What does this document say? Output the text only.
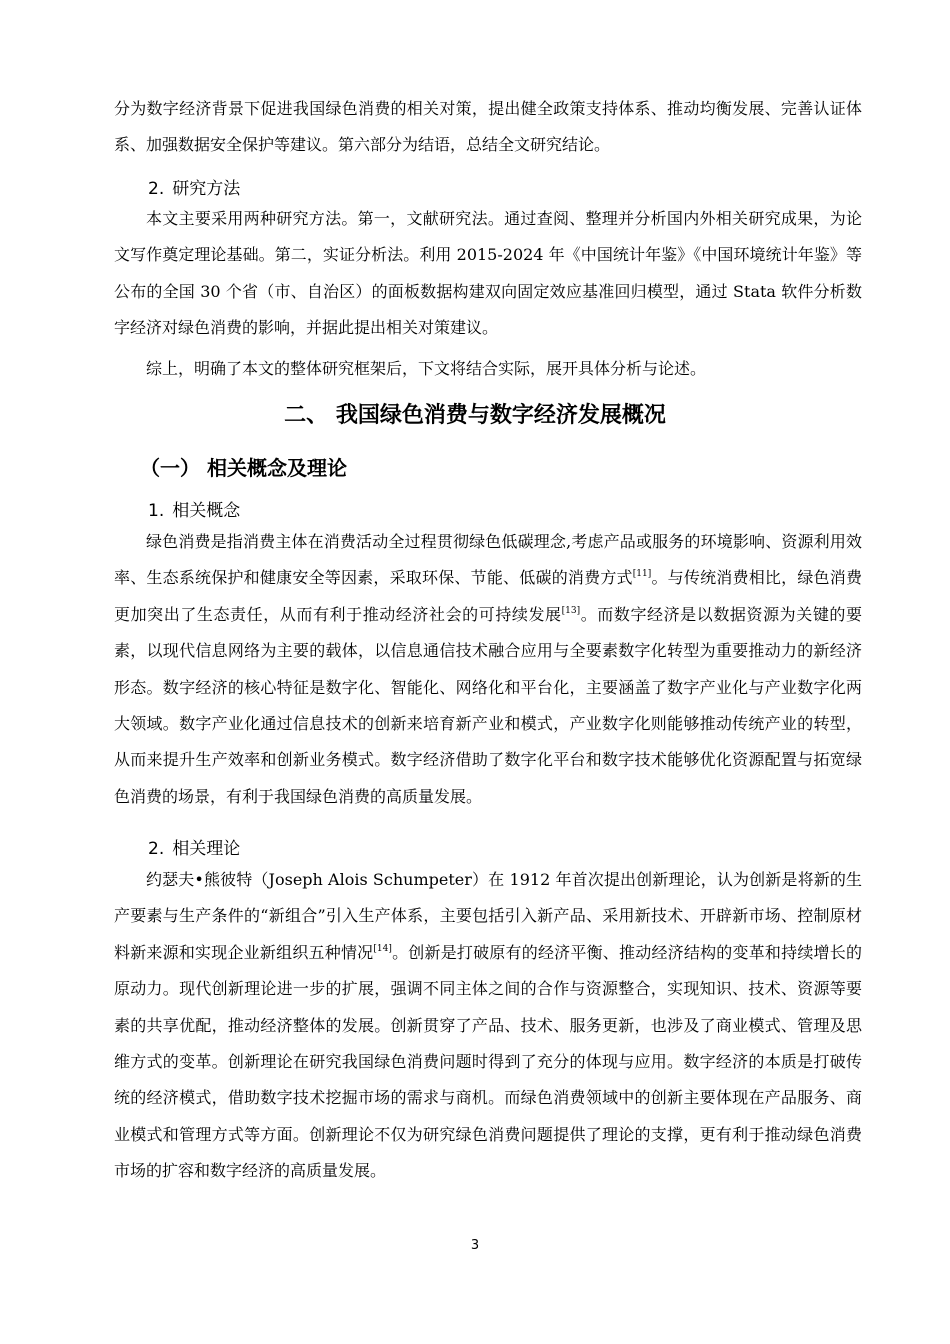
分为数字经济背景下促进我国绿色消费的相关对策，提出健全政策支持体系、推动均衡发展、完善认证体系、加强数据安全保护等建议。第六部分为结语，总结全文研究结论。

2. 研究方法

本文主要采用两种研究方法。第一，文献研究法。通过查阅、整理并分析国内外相关研究成果，为论文写作奠定理论基础。第二，实证分析法。利用 2015-2024 年《中国统计年鉴》《中国环境统计年鉴》等公布的全国 30 个省（市、自治区）的面板数据构建双向固定效应基准回归模型，通过 Stata 软件分析数字经济对绿色消费的影响，并据此提出相关对策建议。

综上，明确了本文的整体研究框架后，下文将结合实际，展开具体分析与论述。

二、 我国绿色消费与数字经济发展概况
（一） 相关概念及理论
1. 相关概念

绿色消费是指消费主体在消费活动全过程贯彻绿色低碳理念,考虑产品或服务的环境影响、资源利用效率、生态系统保护和健康安全等因素，采取环保、节能、低碳的消费方式[11]。与传统消费相比，绿色消费更加突出了生态责任，从而有利于推动经济社会的可持续发展[13]。而数字经济是以数据资源为关键的要素，以现代信息网络为主要的载体，以信息通信技术融合应用与全要素数字化转型为重要推动力的新经济形态。数字经济的核心特征是数字化、智能化、网络化和平台化，主要涵盖了数字产业化与产业数字化两大领域。数字产业化通过信息技术的创新来培育新产业和模式，产业数字化则能够推动传统产业的转型，从而来提升生产效率和创新业务模式。数字经济借助了数字化平台和数字技术能够优化资源配置与拓宽绿色消费的场景，有利于我国绿色消费的高质量发展。

2. 相关理论

约瑟夫•熊彼特（Joseph Alois Schumpeter）在 1912 年首次提出创新理论，认为创新是将新的生产要素与生产条件的“新组合”引入生产体系，主要包括引入新产品、采用新技术、开辟新市场、控制原材料新来源和实现企业新组织五种情况[14]。创新是打破原有的经济平衡、推动经济结构的变革和持续增长的原动力。现代创新理论进一步的扩展，强调不同主体之间的合作与资源整合，实现知识、技术、资源等要素的共享优配，推动经济整体的发展。创新贯穿了产品、技术、服务更新，也涉及了商业模式、管理及思维方式的变革。创新理论在研究我国绿色消费问题时得到了充分的体现与应用。数字经济的本质是打破传统的经济模式，借助数字技术挖掘市场的需求与商机。而绿色消费领域中的创新主要体现在产品服务、商业模式和管理方式等方面。创新理论不仅为研究绿色消费问题提供了理论的支撑，更有利于推动绿色消费市场的扩容和数字经济的高质量发展。

3
